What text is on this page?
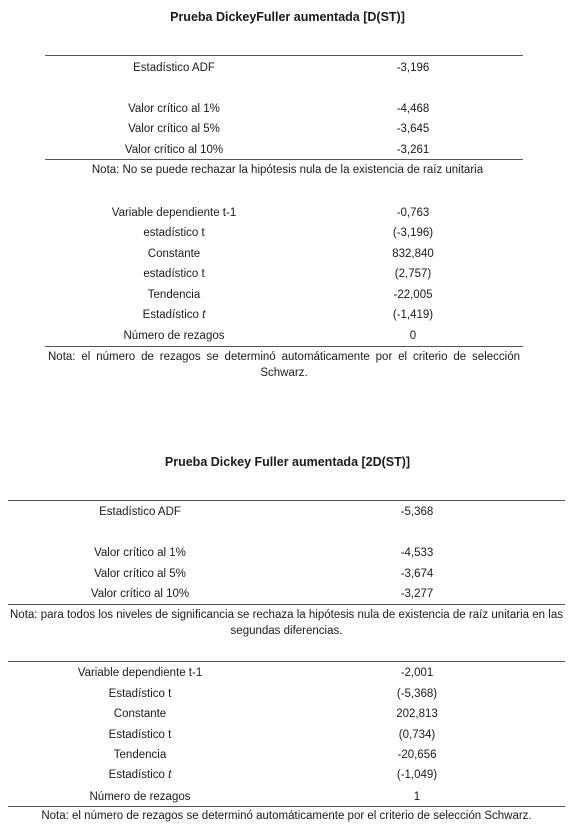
Prueba DickeyFuller aumentada [D(ST)]
Estadístico ADF	-3,196
Valor crítico al 1%	-4,468
Valor crítico al 5%	-3,645
Valor crítico al 10%	-3,261
Nota: No se puede rechazar la hipótesis nula de la existencia de raíz unitaria
Variable dependiente t-1	-0,763
estadístico t	(-3,196)
Constante	832,840
estadístico t	(2,757)
Tendencia	-22,005
Estadístico t	(-1,419)
Número de rezagos	0
Nota: el número de rezagos se determinó automáticamente por el criterio de selección Schwarz.
Prueba Dickey Fuller aumentada [2D(ST)]
Estadístico ADF	-5,368
Valor crítico al 1%	-4,533
Valor crítico al 5%	-3,674
Valor crítico al 10%	-3,277
Nota: para todos los niveles de significancia se rechaza la hipótesis nula de existencia de raíz unitaria en las segundas diferencias.
Variable dependiente t-1	-2,001
Estadístico t	(-5,368)
Constante	202,813
Estadístico t	(0,734)
Tendencia	-20,656
Estadístico t	(-1,049)
Número de rezagos	1
Nota: el número de rezagos se determinó automáticamente por el criterio de selección Schwarz.
